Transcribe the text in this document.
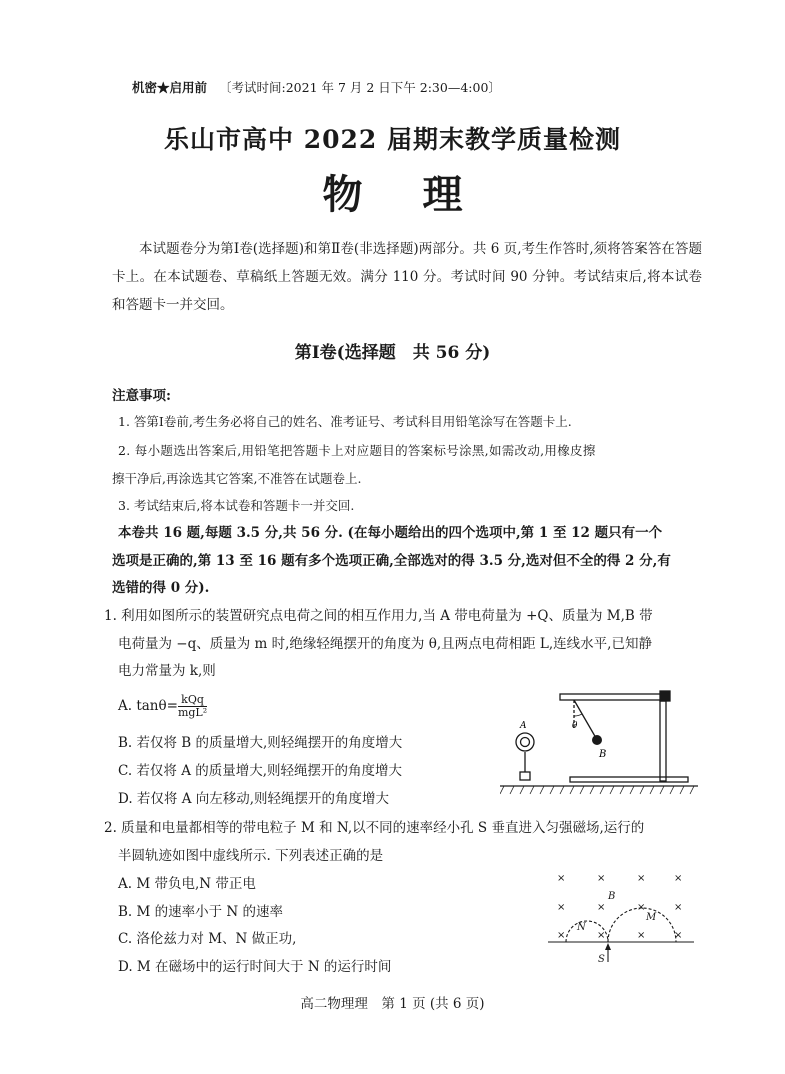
机密★启用前 〔考试时间:2021 年 7 月 2 日下午 2:30—4:00〕
乐山市高中 2022 届期末教学质量检测
物理
本试题卷分为第Ⅰ卷(选择题)和第Ⅱ卷(非选择题)两部分。共 6 页,考生作答时,须将答案答在答题卡上。在本试题卷、草稿纸上答题无效。满分 110 分。考试时间 90 分钟。考试结束后,将本试卷和答题卡一并交回。
第Ⅰ卷(选择题　共 56 分)
注意事项:
1. 答第Ⅰ卷前,考生务必将自己的姓名、准考证号、考试科目用铅笔涂写在答题卡上.
2. 每小题选出答案后,用铅笔把答题卡上对应题目的答案标号涂黑,如需改动,用橡皮擦
擦干净后,再涂选其它答案,不准答在试题卷上.
3. 考试结束后,将本试卷和答题卡一并交回.
本卷共 16 题,每题 3.5 分,共 56 分. (在每小题给出的四个选项中,第 1 至 12 题只有一个
选项是正确的,第 13 至 16 题有多个选项正确,全部选对的得 3.5 分,选对但不全的得 2 分,有
选错的得 0 分).
1. 利用如图所示的装置研究点电荷之间的相互作用力,当 A 带电荷量为 +Q、质量为 M,B 带
电荷量为 −q、质量为 m 时,绝缘轻绳摆开的角度为 θ,且两点电荷相距 L,连线水平,已知静
电力常量为 k,则
A. $\tan\theta= \frac{\text{kQq}}{\text{mgL²}}$
B. 若仅将 B 的质量增大,则轻绳摆开的角度增大
C. 若仅将 A 的质量增大,则轻绳摆开的角度增大
D. 若仅将 A 向左移动,则轻绳摆开的角度增大
A
B
θ
2. 质量和电量都相等的带电粒子 M 和 N,以不同的速率经小孔 S 垂直进入匀强磁场,运行的
半圆轨迹如图中虚线所示. 下列表述正确的是
A. M 带负电,N 带正电
B. M 的速率小于 N 的速率
C. 洛伦兹力对 M、N 做正功,
D. M 在磁场中的运行时间大于 N 的运行时间
×	×	×	×
×	×	×	×
×	×	×	×
B
N
M
S
高二物理理　第 1 页 (共 6 页)
